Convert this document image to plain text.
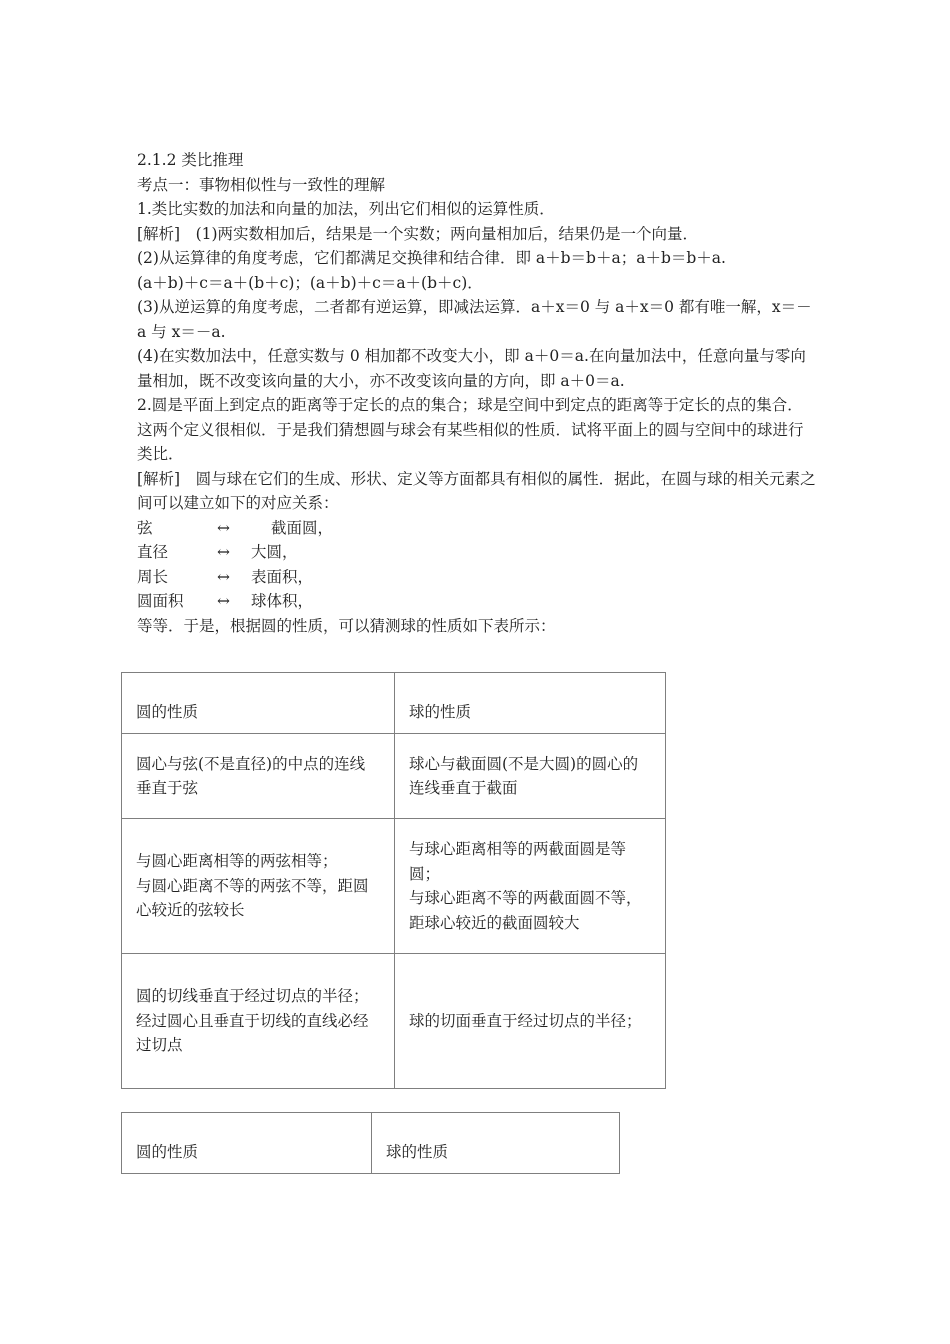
2.1.2 类比推理

考点一：事物相似性与一致性的理解

1.类比实数的加法和向量的加法，列出它们相似的运算性质．

[解析]　(1)两实数相加后，结果是一个实数；两向量相加后，结果仍是一个向量．

(2)从运算律的角度考虑，它们都满足交换律和结合律．即 a＋b＝b＋a；a＋b＝b＋a.

(a＋b)＋c＝a＋(b＋c)；(a＋b)＋c＝a＋(b＋c)．

(3)从逆运算的角度考虑，二者都有逆运算，即减法运算．a＋x＝0 与 a＋x＝0 都有唯一解，x＝－a 与 x＝－a.

(4)在实数加法中，任意实数与 0 相加都不改变大小，即 a＋0＝a.在向量加法中，任意向量与零向量相加，既不改变该向量的大小，亦不改变该向量的方向，即 a＋0＝a.

2.圆是平面上到定点的距离等于定长的点的集合；球是空间中到定点的距离等于定长的点的集合．这两个定义很相似．于是我们猜想圆与球会有某些相似的性质．试将平面上的圆与空间中的球进行类比．

[解析]　圆与球在它们的生成、形状、定义等方面都具有相似的属性．据此，在圆与球的相关元素之间可以建立如下的对应关系：

弦	↔	截面圆，
直径	↔	大圆，
周长	↔	表面积，
圆面积	↔	球体积，

等等．于是，根据圆的性质，可以猜测球的性质如下表所示：

圆的性质	球的性质
圆心与弦(不是直径)的中点的连线垂直于弦	球心与截面圆(不是大圆)的圆心的连线垂直于截面
与圆心距离相等的两弦相等；
与圆心距离不等的两弦不等，距圆心较近的弦较长	与球心距离相等的两截面圆是等圆；
与球心距离不等的两截面圆不等，距球心较近的截面圆较大
圆的切线垂直于经过切点的半径；
经过圆心且垂直于切线的直线必经过切点	球的切面垂直于经过切点的半径；
圆的性质	球的性质
